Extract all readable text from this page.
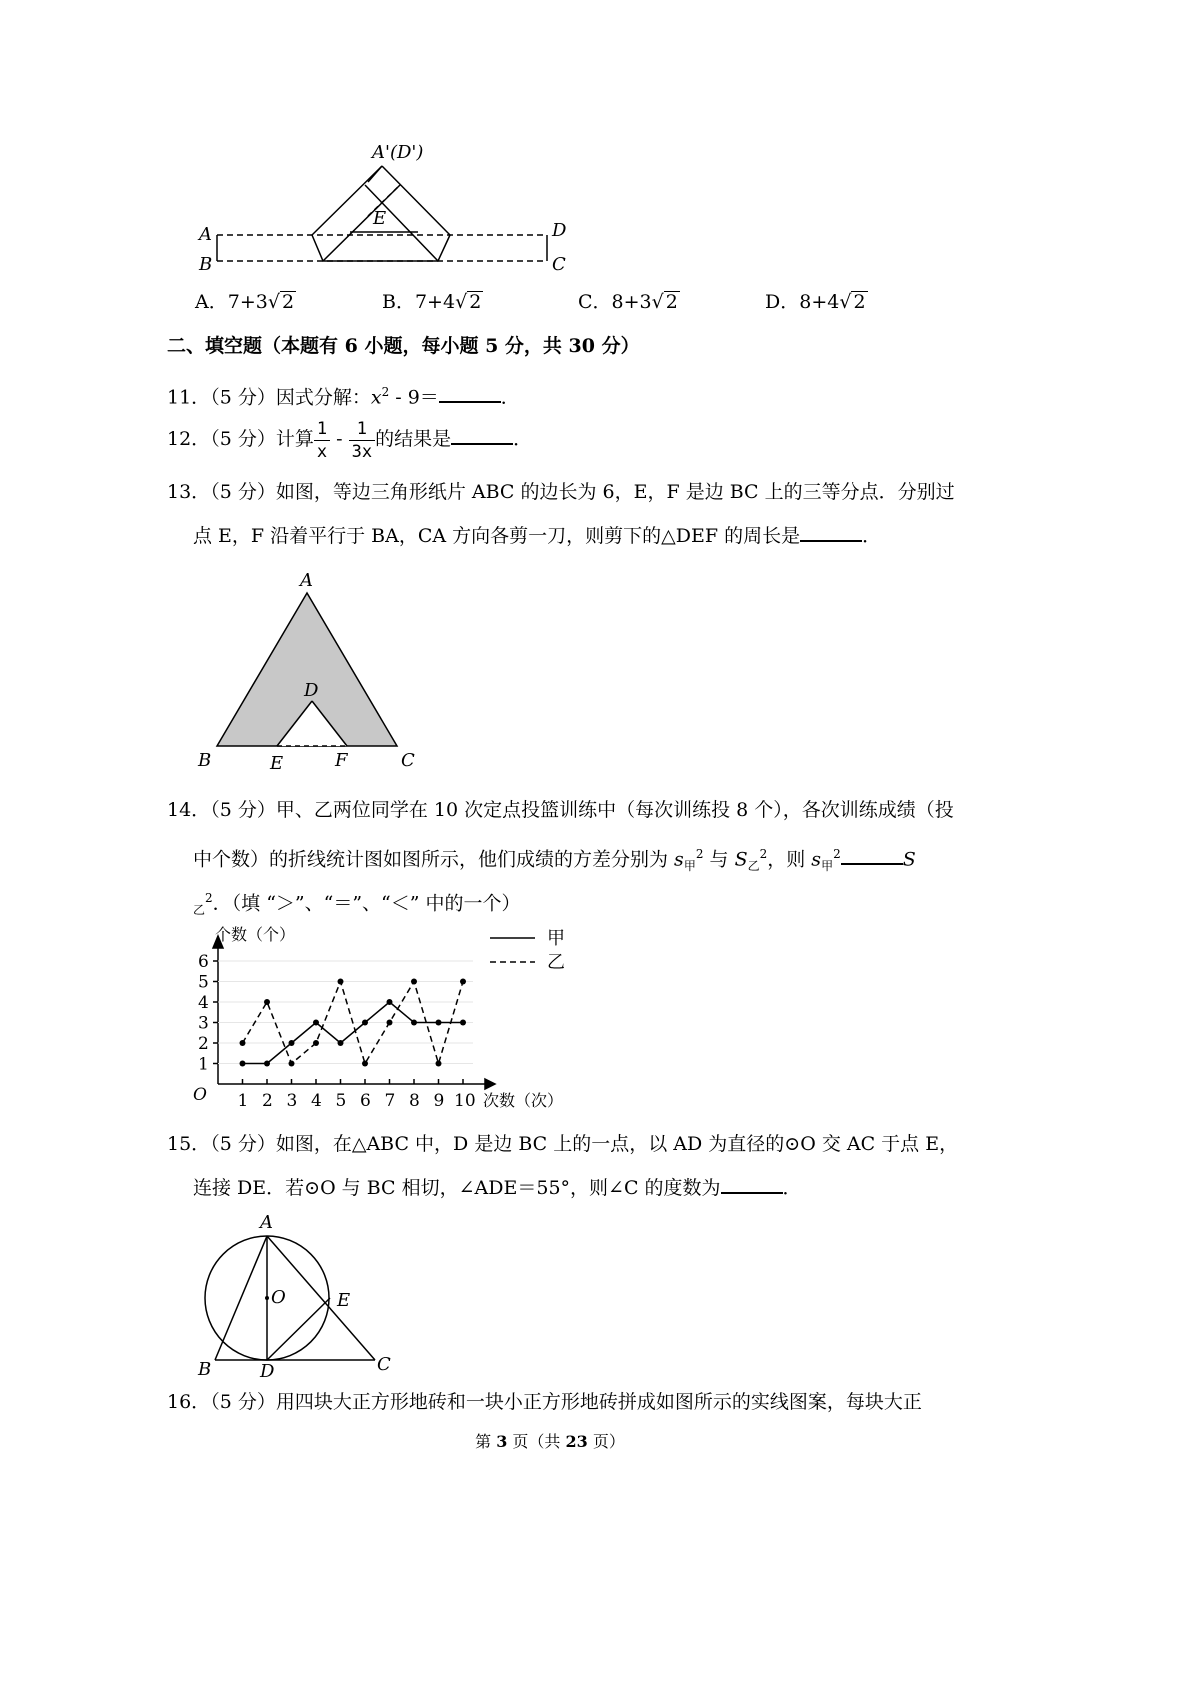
A'(D')
E
A
B
D
C
A．7+3√ 2	B．7+4√ 2	C．8+3√ 2	D．8+4√ 2
二、填空题（本题有 6 小题，每小题 5 分，共 30 分）
11．（5 分）因式分解：$x^2 - 9=$	．
12．（5 分）计算 $\frac{1}{x} - \frac{1}{3x}$ 的结果是	．
13．（5 分）如图，等边三角形纸片 ABC 的边长为 6，E，F 是边 BC 上的三等分点．分别过
点 E，F 沿着平行于 BA，CA 方向各剪一刀，则剪下的△DEF 的周长是	．
A
D
B	E	F	C
14．（5 分）甲、乙两位同学在 10 次定点投篮训练中（每次训练投 8 个），各次训练成绩（投
中个数）的折线统计图如图所示，他们成绩的方差分别为 $s_甲^2$ 与 $S_乙^2$，则 $s_甲^2$	S
$_乙^2$．（填 “＞”、“＝”、“＜” 中的一个）
1
2
3
4
5
6
1 2 3 4 5 6 7 8 9 10
个数（个）
次数（次）
O
甲
乙
15．（5 分）如图，在△ABC 中，D 是边 BC 上的一点，以 AD 为直径的⊙O 交 AC 于点 E，
连接 DE．若⊙O 与 BC 相切，∠ADE＝55°，则∠C 的度数为	．
A
O	E
B	D	C
16．（5 分）用四块大正方形地砖和一块小正方形地砖拼成如图所示的实线图案，每块大正
第 3 页（共 23 页）
